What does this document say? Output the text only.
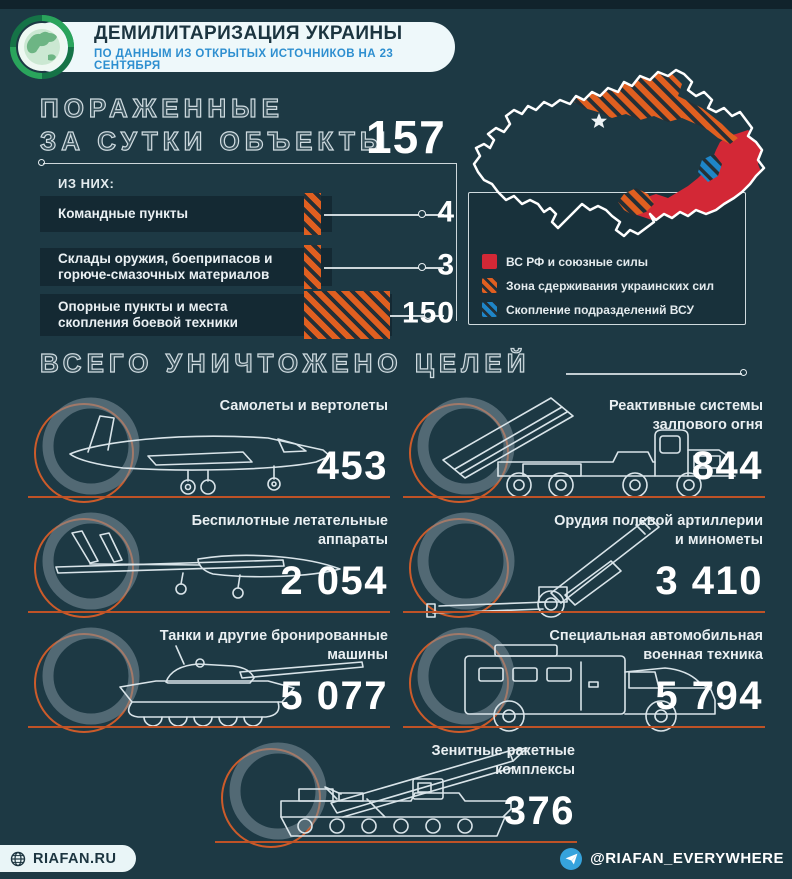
ДЕМИЛИТАРИЗАЦИЯ УКРАИНЫ
ПО ДАННЫМ ИЗ ОТКРЫТЫХ ИСТОЧНИКОВ НА 23 СЕНТЯБРЯ
ПОРАЖЕННЫЕ
ЗА СУТКИ ОБЪЕКТЫ
157
ИЗ НИХ:
Командные пункты	4
Склады оружия, боеприпасов и горюче-смазочных материалов	3
Опорные пункты и места скопления боевой техники	150
ВС РФ и союзные силы
Зона сдерживания украинских сил
Скопление подразделений ВСУ
ВСЕГО УНИЧТОЖЕНО ЦЕЛЕЙ
Самолеты и вертолеты
453
Реактивные системы залпового огня
844
Беспилотные летательные аппараты
2 054
Орудия полевой артиллерии и минометы
3 410
Танки и другие бронированные машины
5 077
Специальная автомобильная военная техника
5 794
Зенитные ракетные комплексы
376
RIAFAN.RU	@RIAFAN_EVERYWHERE
